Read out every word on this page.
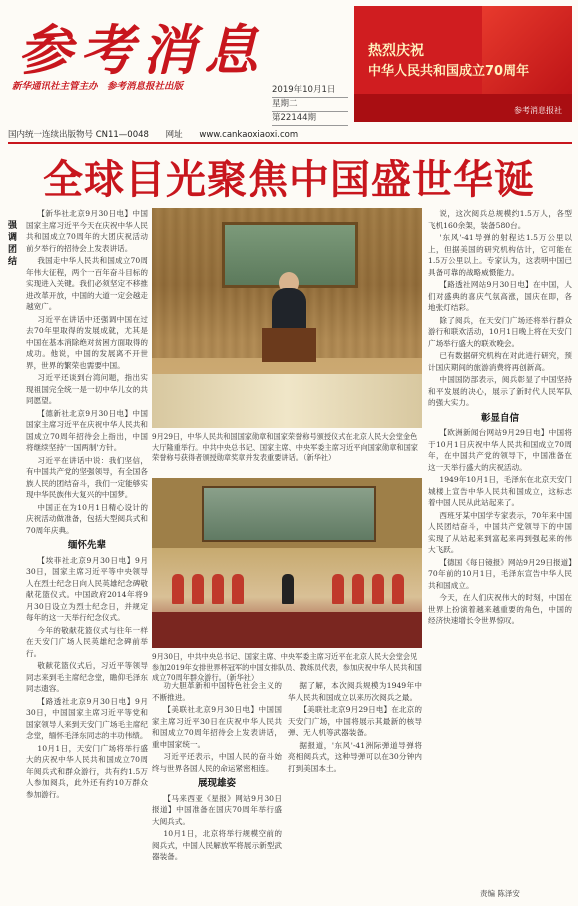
参考消息
新华通讯社主管主办　参考消息报社出版	2019年10月1日
星期二
第22144期
热烈庆祝
中华人民共和国成立70周年
参考消息报社
国内统一连续出版物号 CN11—0048 网址 www.cankaoxiaoxi.com
全球目光聚焦中国盛世华诞
强调团结

【新华社北京9月30日电】中国国家主席习近平今天在庆祝中华人民共和国成立70周年的大团庆祝活动前夕举行的招待会上发表讲话。

我国走中华人民共和国成立70周年伟大征程，两个一百年奋斗目标的实现进入关键。我们必须坚定不移推进改革开放，中国的大道一定会越走越宽广。

习近平在讲话中还强调中国在过去70年里取得的发展成就，尤其是中国在基本消除绝对贫困方面取得的成功。他说，中国的发展离不开世界，世界的繁荣也需要中国。

习近平还谈到台湾问题，指出实现祖国完全统一是一切中华儿女的共同愿望。

【德新社北京9月30日电】中国国家主席习近平在庆祝中华人民共和国成立70周年招待会上指出，中国将继续坚持'一国两制'方针。

习近平在讲话中说：我们坚信，有中国共产党的坚强领导，有全国各族人民的团结奋斗，我们一定能够实现中华民族伟大复兴的中国梦。

中国正在为10月1日精心设计的庆祝活动做准备，包括大型阅兵式和70周年庆典。

缅怀先辈

【埃菲社北京9月30日电】9月30日，国家主席习近平等中央领导人在烈士纪念日向人民英雄纪念碑敬献花篮仪式。中国政府2014年将9月30日设立为烈士纪念日，并规定每年的这一天举行纪念仪式。

今年的敬献花篮仪式与往年一样在天安门广场人民英雄纪念碑前举行。

敬献花篮仪式后，习近平等领导同志来到毛主席纪念堂，瞻仰毛泽东同志遗容。

【路透社北京9月30日电】9月30日，中国国家主席习近平等党和国家领导人来到天安门广场毛主席纪念堂，缅怀毛泽东同志的丰功伟绩。

10月1日，天安门广场将举行盛大的庆祝中华人民共和国成立70周年阅兵式和群众游行，共有约1.5万人参加阅兵，此外还有约10万群众参加游行。

9月29日，中华人民共和国国家勋章和国家荣誉称号颁授仪式在北京人民大会堂金色大厅隆重举行。中共中央总书记、国家主席、中央军委主席习近平向国家勋章和国家荣誉称号获得者颁授勋章奖章并发表重要讲话。（新华社）
9月30日，中共中央总书记、国家主席、中央军委主席习近平在北京人民大会堂会见参加2019年女排世界杯冠军的中国女排队员、教练员代表，参加庆祝中华人民共和国成立70周年群众游行。（新华社）

功大胆革新和中国特色社会主义的不断推进。

【美联社北京9月30日电】中国国家主席习近平30日在庆祝中华人民共和国成立70周年招待会上发表讲话，重申国家统一。

习近平还表示，中国人民的奋斗始终与世界各国人民的命运紧密相连。

展现雄姿

【马来西亚《星报》网站9月30日报道】中国准备在国庆70周年举行盛大阅兵式。

10月1日，北京将举行规模空前的阅兵式，中国人民解放军将展示新型武器装备。

据了解，本次阅兵规模为1949年中华人民共和国成立以来历次阅兵之最。

【美联社北京9月29日电】在北京的天安门广场，中国将展示其最新的核导弹、无人机等武器装备。

据报道，'东风'-41洲际弹道导弹将亮相阅兵式，这种导弹可以在30分钟内打到美国本土。

说，这次阅兵总规模约1.5万人，各型飞机160余架，装备580台。

'东风'-41导弹的射程达1.5万公里以上，但据美国的研究机构估计，它可能在1.5万公里以上。专家认为，这表明中国已具备可靠的战略威慑能力。

【路透社网站9月30日电】在中国，人们对盛典的喜庆气氛高涨，国庆在即，各地张灯结彩。

除了阅兵，在天安门广场还将举行群众游行和联欢活动，10月1日晚上将在天安门广场举行盛大的联欢晚会。

已有数据研究机构在对此进行研究，预计国庆期间的旅游消费将再创新高。

中国国防部表示，阅兵彰显了中国坚持和平发展的决心，展示了新时代人民军队的强大实力。

彰显自信

【欧洲新闻台网站9月29日电】中国将于10月1日庆祝中华人民共和国成立70周年，在中国共产党的领导下，中国准备在这一天举行盛大的庆祝活动。

1949年10月1日，毛泽东在北京天安门城楼上宣告中华人民共和国成立，这标志着中国人民从此站起来了。

西班牙某中国学专家表示，70年来中国人民团结奋斗，中国共产党领导下的中国实现了从站起来到富起来再到强起来的伟大飞跃。

【德国《每日镜报》网站9月29日报道】70年前的10月1日，毛泽东宣告中华人民共和国成立。

今天，在人们庆祝伟大的时刻，中国在世界上扮演着越来越重要的角色，中国的经济快速增长令世界惊叹。

责编 陈泽安
